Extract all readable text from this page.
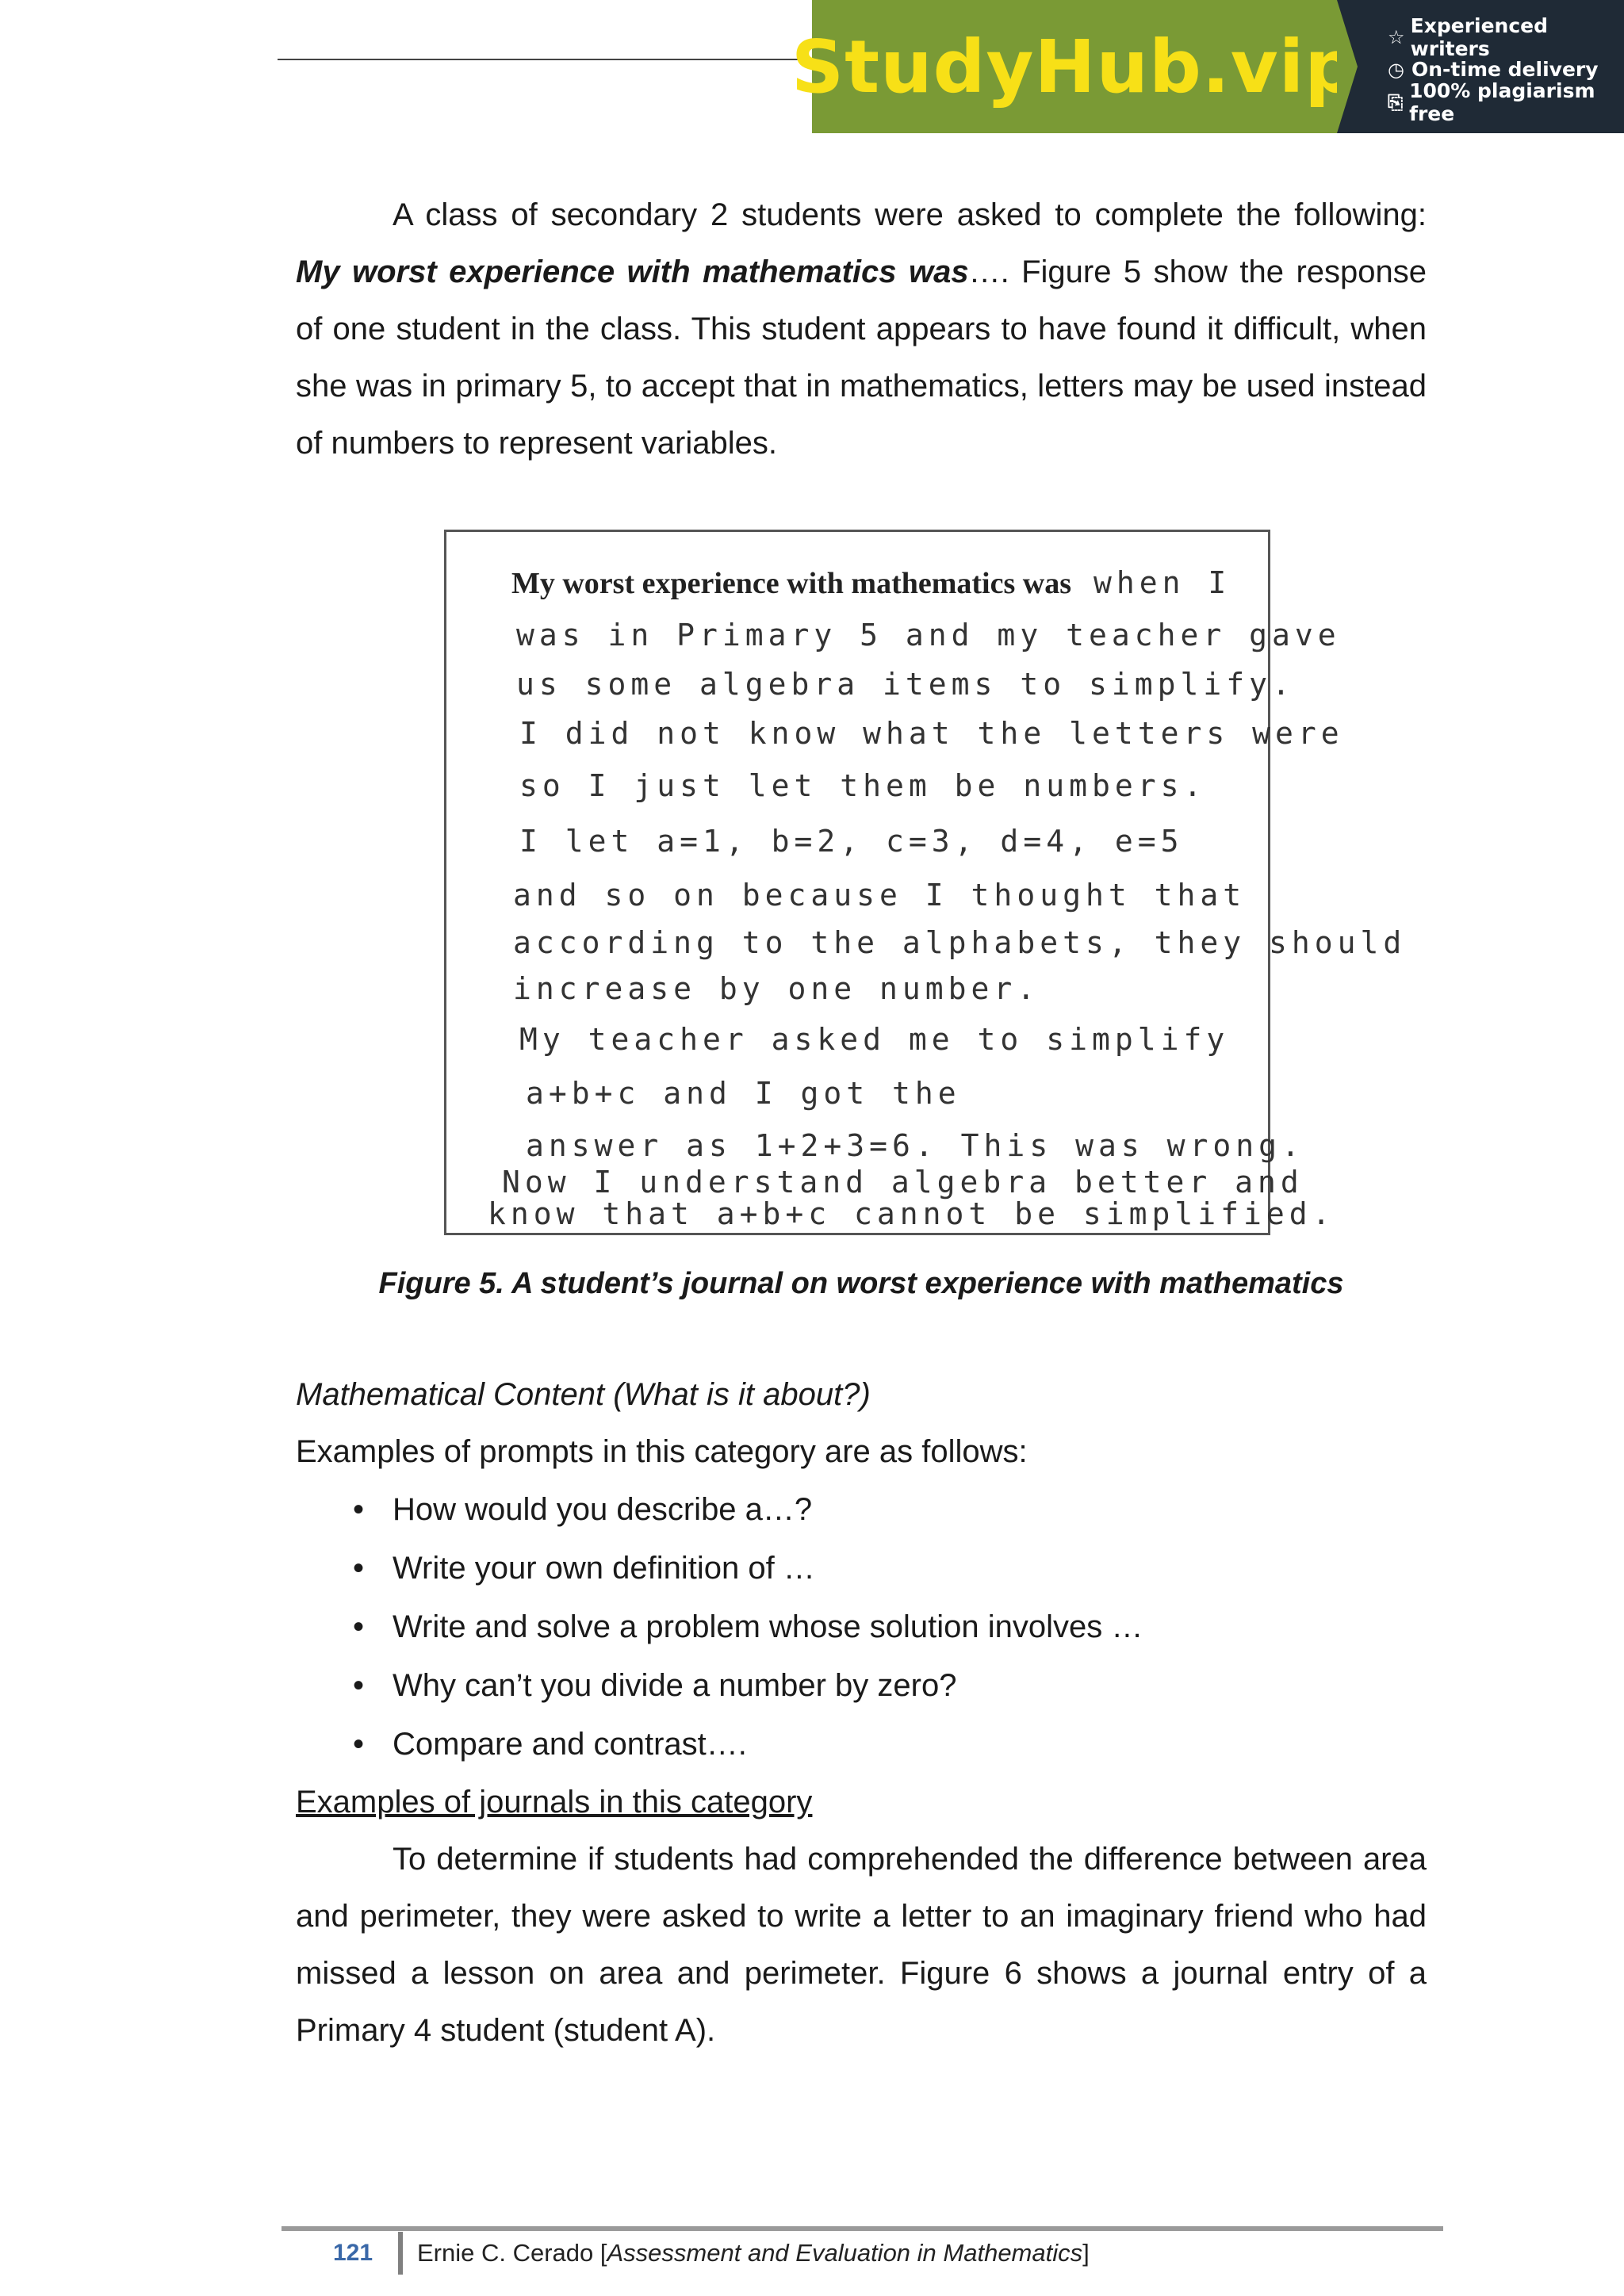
StudyHub.vip ☆ Experienced writers
◷ On-time delivery
⎘ 100% plagiarism free

A class of secondary 2 students were asked to complete the following: My worst experience with mathematics was…. Figure 5 show the response of one student in the class. This student appears to have found it difficult, when she was in primary 5, to accept that in mathematics, letters may be used instead of numbers to represent variables.

My worst experience with mathematics was when I
was in Primary 5 and my teacher gave
us some algebra items to simplify.
I did not know what the letters were
so I just let them be numbers.
I let a=1, b=2, c=3, d=4, e=5
and so on because I thought that
according to the alphabets, they should
increase by one number.
My teacher asked me to simplify
a+b+c and I got the
answer as 1+2+3=6. This was wrong.
Now I understand algebra better and
know that a+b+c cannot be simplified.
Figure 5. A student’s journal on worst experience with mathematics

Mathematical Content (What is it about?)

Examples of prompts in this category are as follows:

• How would you describe a…?
• Write your own definition of …
• Write and solve a problem whose solution involves …
• Why can’t you divide a number by zero?
• Compare and contrast….

Examples of journals in this category

To determine if students had comprehended the difference between area and perimeter, they were asked to write a letter to an imaginary friend who had missed a lesson on area and perimeter. Figure 6 shows a journal entry of a Primary 4 student (student A).

121	Ernie C. Cerado [Assessment and Evaluation in Mathematics]
